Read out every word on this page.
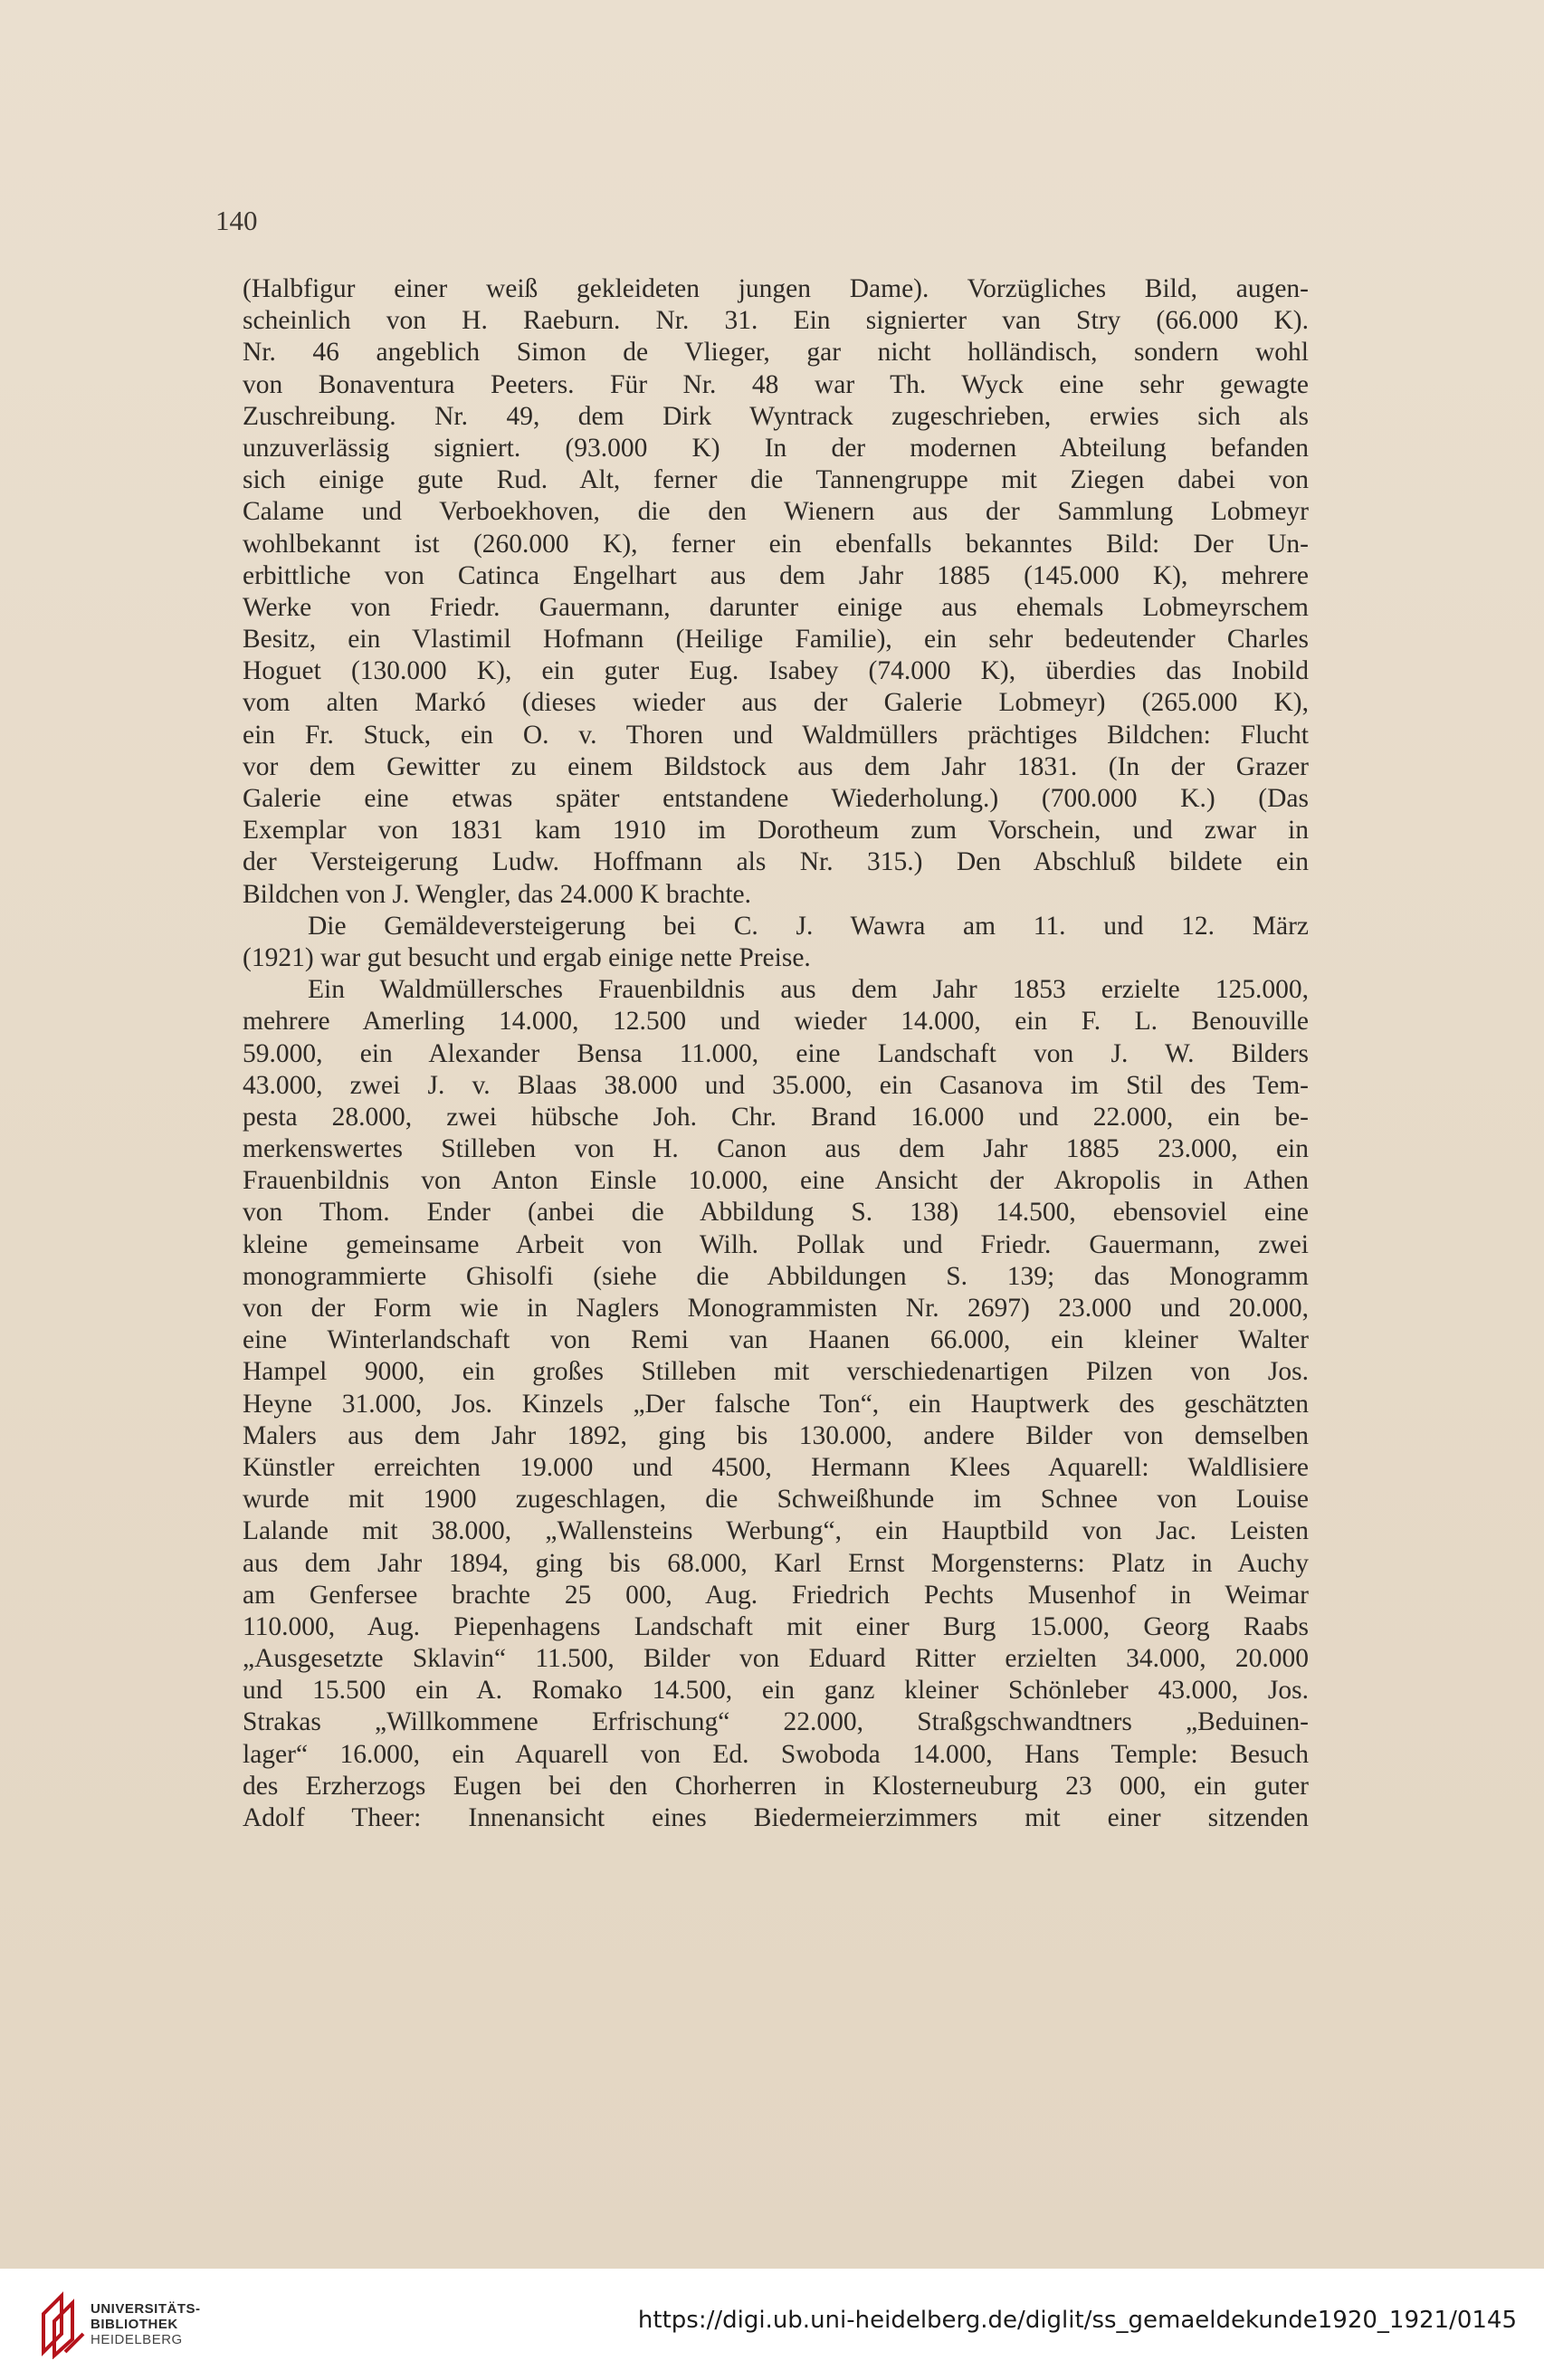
140
(Halbfigur einer weiß gekleideten jungen Dame). Vorzügliches Bild, augen-
scheinlich von H. Raeburn. Nr. 31. Ein signierter van Stry (66.000 K).
Nr. 46 angeblich Simon de Vlieger, gar nicht holländisch, sondern wohl
von Bonaventura Peeters. Für Nr. 48 war Th. Wyck eine sehr gewagte
Zuschreibung. Nr. 49, dem Dirk Wyntrack zugeschrieben, erwies sich als
unzuverlässig signiert. (93.000 K) In der modernen Abteilung befanden
sich einige gute Rud. Alt, ferner die Tannengruppe mit Ziegen dabei von
Calame und Verboekhoven, die den Wienern aus der Sammlung Lobmeyr
wohlbekannt ist (260.000 K), ferner ein ebenfalls bekanntes Bild: Der Un-
erbittliche von Catinca Engelhart aus dem Jahr 1885 (145.000 K), mehrere
Werke von Friedr. Gauermann, darunter einige aus ehemals Lobmeyrschem
Besitz, ein Vlastimil Hofmann (Heilige Familie), ein sehr bedeutender Charles
Hoguet (130.000 K), ein guter Eug. Isabey (74.000 K), überdies das Inobild
vom alten Markó (dieses wieder aus der Galerie Lobmeyr) (265.000 K),
ein Fr. Stuck, ein O. v. Thoren und Waldmüllers prächtiges Bildchen: Flucht
vor dem Gewitter zu einem Bildstock aus dem Jahr 1831. (In der Grazer
Galerie eine etwas später entstandene Wiederholung.) (700.000 K.) (Das
Exemplar von 1831 kam 1910 im Dorotheum zum Vorschein, und zwar in
der Versteigerung Ludw. Hoffmann als Nr. 315.) Den Abschluß bildete ein
Bildchen von J. Wengler, das 24.000 K brachte.
Die Gemäldeversteigerung bei C. J. Wawra am 11. und 12. März
(1921) war gut besucht und ergab einige nette Preise.
Ein Waldmüllersches Frauenbildnis aus dem Jahr 1853 erzielte 125.000,
mehrere Amerling 14.000, 12.500 und wieder 14.000, ein F. L. Benouville
59.000, ein Alexander Bensa 11.000, eine Landschaft von J. W. Bilders
43.000, zwei J. v. Blaas 38.000 und 35.000, ein Casanova im Stil des Tem-
pesta 28.000, zwei hübsche Joh. Chr. Brand 16.000 und 22.000, ein be-
merkenswertes Stilleben von H. Canon aus dem Jahr 1885 23.000, ein
Frauenbildnis von Anton Einsle 10.000, eine Ansicht der Akropolis in Athen
von Thom. Ender (anbei die Abbildung S. 138) 14.500, ebensoviel eine
kleine gemeinsame Arbeit von Wilh. Pollak und Friedr. Gauermann, zwei
monogrammierte Ghisolfi (siehe die Abbildungen S. 139; das Monogramm
von der Form wie in Naglers Monogrammisten Nr. 2697) 23.000 und 20.000,
eine Winterlandschaft von Remi van Haanen 66.000, ein kleiner Walter
Hampel 9000, ein großes Stilleben mit verschiedenartigen Pilzen von Jos.
Heyne 31.000, Jos. Kinzels „Der falsche Ton“, ein Hauptwerk des geschätzten
Malers aus dem Jahr 1892, ging bis 130.000, andere Bilder von demselben
Künstler erreichten 19.000 und 4500, Hermann Klees Aquarell: Waldlisiere
wurde mit 1900 zugeschlagen, die Schweißhunde im Schnee von Louise
Lalande mit 38.000, „Wallensteins Werbung“, ein Hauptbild von Jac. Leisten
aus dem Jahr 1894, ging bis 68.000, Karl Ernst Morgensterns: Platz in Auchy
am Genfersee brachte 25 000, Aug. Friedrich Pechts Musenhof in Weimar
110.000, Aug. Piepenhagens Landschaft mit einer Burg 15.000, Georg Raabs
„Ausgesetzte Sklavin“ 11.500, Bilder von Eduard Ritter erzielten 34.000, 20.000
und 15.500 ein A. Romako 14.500, ein ganz kleiner Schönleber 43.000, Jos.
Strakas „Willkommene Erfrischung“ 22.000, Straßgschwandtners „Beduinen-
lager“ 16.000, ein Aquarell von Ed. Swoboda 14.000, Hans Temple: Besuch
des Erzherzogs Eugen bei den Chorherren in Klosterneuburg 23 000, ein guter
Adolf Theer: Innenansicht eines Biedermeierzimmers mit einer sitzenden
UNIVERSITÄTS-
BIBLIOTHEK
HEIDELBERG
https://digi.ub.uni-heidelberg.de/diglit/ss_gemaeldekunde1920_1921/0145
